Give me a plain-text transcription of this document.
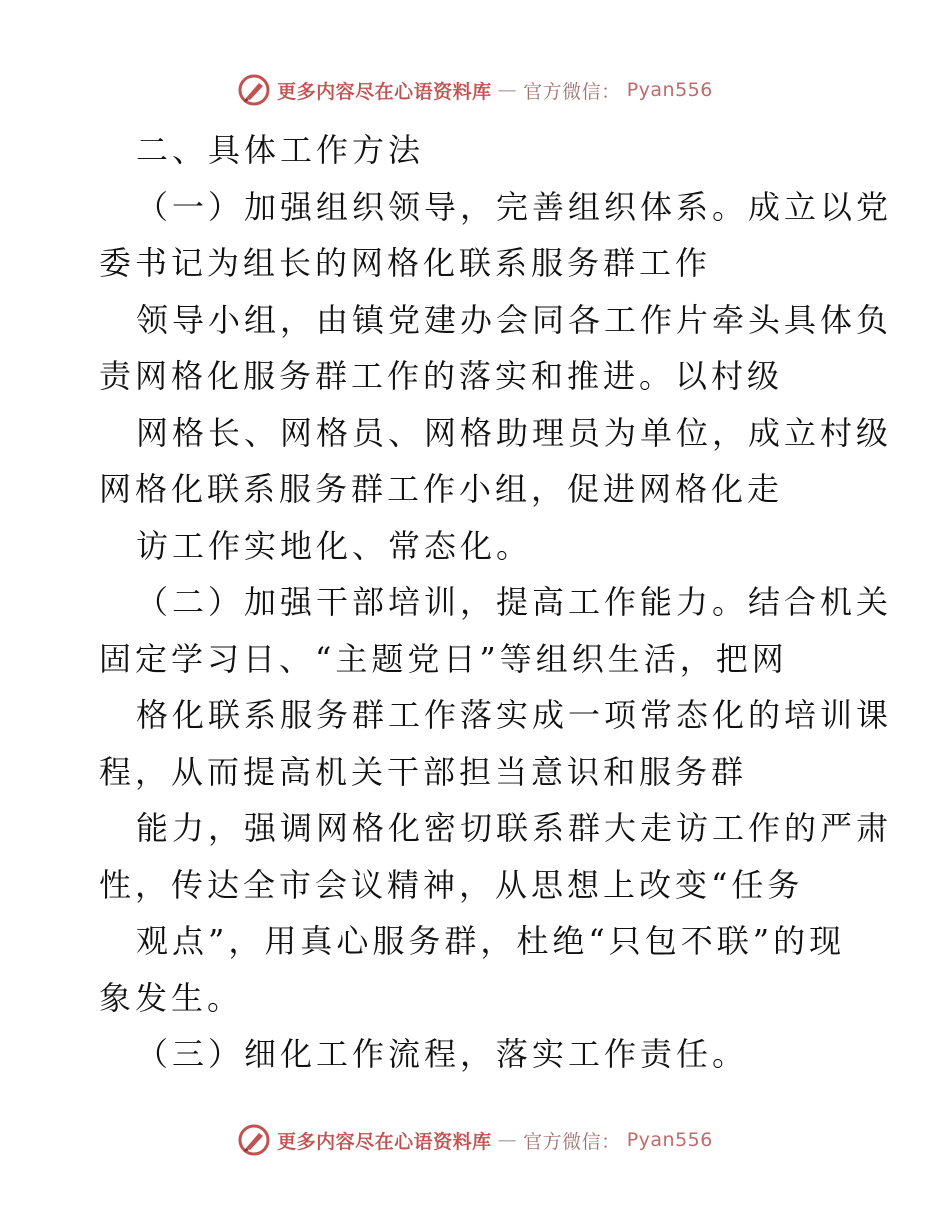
更多内容尽在心语资料库 — 官方微信： Pyan556
二、具体工作方法
（一）加强组织领导，完善组织体系。成立以党
委书记为组长的网格化联系服务群工作
领导小组，由镇党建办会同各工作片牵头具体负
责网格化服务群工作的落实和推进。以村级
网格长、网格员、网格助理员为单位，成立村级
网格化联系服务群工作小组，促进网格化走
访工作实地化、常态化。
（二）加强干部培训，提高工作能力。结合机关
固定学习日、“主题党日”等组织生活，把网
格化联系服务群工作落实成一项常态化的培训课
程，从而提高机关干部担当意识和服务群
能力，强调网格化密切联系群大走访工作的严肃
性，传达全市会议精神，从思想上改变“任务
观点”，用真心服务群，杜绝“只包不联”的现
象发生。
（三）细化工作流程，落实工作责任。
更多内容尽在心语资料库 — 官方微信： Pyan556
